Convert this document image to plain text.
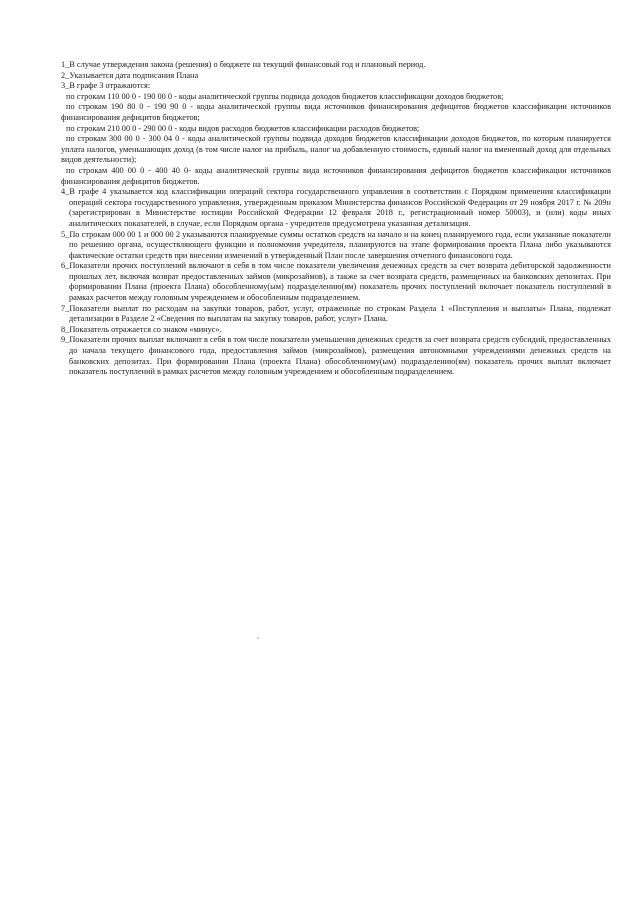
1_В случае утверждения закона (решения) о бюджете на текущий финансовый год и плановый период.

2_Указывается дата подписания Плана

3_В графе 3 отражаются:

по строкам 110 00 0 - 190 00 0 - коды аналитической группы подвида доходов бюджетов классификации доходов бюджетов;

по строкам 190 80 0 - 190 90 0 - коды аналитической группы вида источников финансирования дефицитов бюджетов классификации источников финансирования дефицитов бюджетов;

по строкам 210 00 0 - 290 00 0 - коды видов расходов бюджетов классификации расходов бюджетов;

по строкам 300 00 0 - 300 04 0 - коды аналитической группы подвида доходов бюджетов классификации доходов бюджетов, по которым планируется уплата налогов, уменьшающих доход (в том числе налог на прибыль, налог на добавленную стоимость, единый налог на вмененный доход для отдельных видов деятельности);

по строкам 400 00 0 - 400 40 0- коды аналитической группы вида источников финансирования дефицитов бюджетов классификации источников финансирования дефицитов бюджетов.

4_В графе 4 указывается код классификации операций сектора государственного управления в соответствии с Порядком применения классификации операций сектора государственного управления, утвержденным приказом Министерства финансов Российской Федерации от 29 ноября 2017 г. № 209н (зарегистрирован в Министерстве юстиции Российской Федерации 12 февраля 2018 г., регистрационный номер 50003), и (или) коды иных аналитических показателей, в случае, если Порядком органа - учредителя предусмотрена указанная детализация.

5_По строкам 000 00 1 и 000 00 2 указываются планируемые суммы остатков средств на начало и на конец планируемого года, если указанные показатели по решению органа, осуществляющего функции и полномочия учредителя, планируются на этапе формирования проекта Плана либо указываются фактические остатки средств при внесении изменений в утвержденный План после завершения отчетного финансового года.

6_Показатели прочих поступлений включают в себя в том числе показатели увеличения денежных средств за счет возврата дебиторской задолженности прошлых лет, включая возврат предоставленных займов (микрозаймов), а также за счет возврата средств, размещенных на банковских депозитах. При формировании Плана (проекта Плана) обособленному(ым) подразделению(ям) показатель прочих поступлений включает показатель поступлений в рамках расчетов между головным учреждением и обособленным подразделением.

7_Показатели выплат по расходам на закупки товаров, работ, услуг, отраженные по строкам Раздела 1 «Поступления и выплаты» Плана, подлежат детализации в Разделе 2 «Сведения по выплатам на закупку товаров, работ, услуг» Плана.

8_Показатель отражается со знаком «минус».

9_Показатели прочих выплат включают в себя в том числе показатели уменьшения денежных средств за счет возврата средств субсидий, предоставленных до начала текущего финансового года, предоставления займов (микрозаймов), размещения автономными учреждениями денежных средств на банковских депозитах. При формировании Плана (проекта Плана) обособленному(ым) подразделению(ям) показатель прочих выплат включает показатель поступлений в рамках расчетов между головным учреждением и обособленным подразделением.
